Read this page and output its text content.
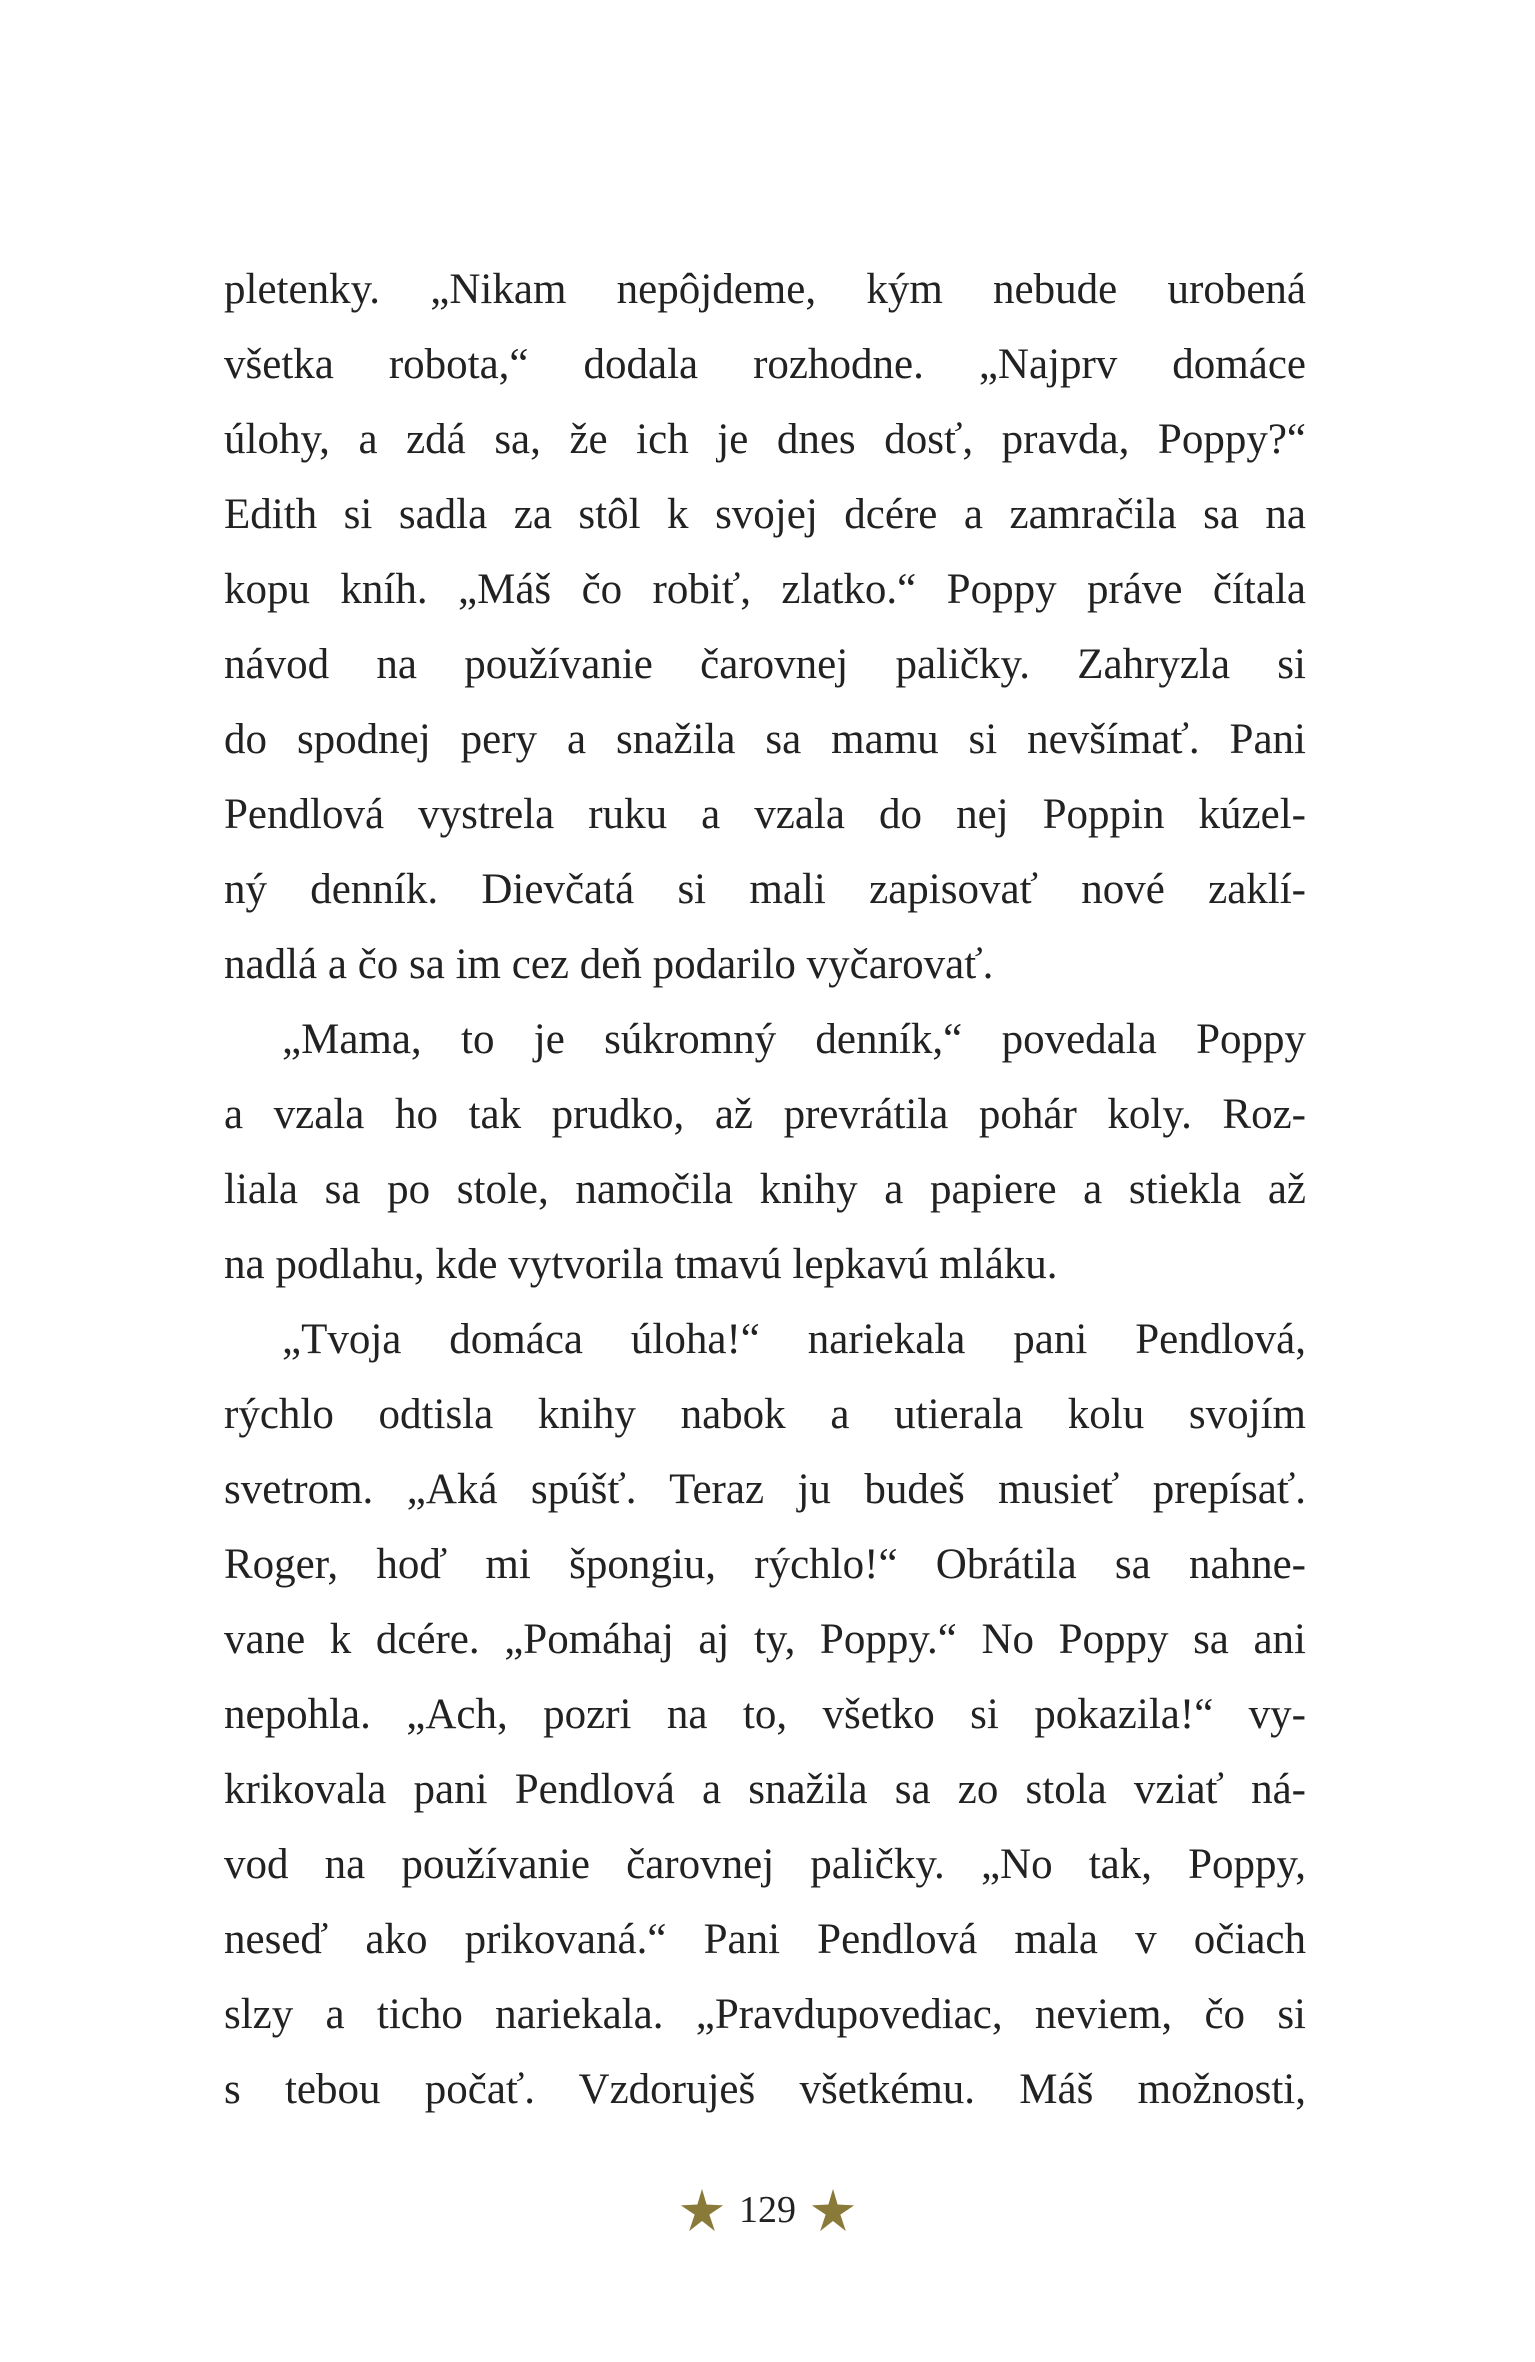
pletenky. „Nikam nepôjdeme, kým nebude urobená
všetka robota,“ dodala rozhodne. „Najprv domáce
úlohy, a zdá sa, že ich je dnes dosť, pravda, Poppy?“
Edith si sadla za stôl k svojej dcére a zamračila sa na
kopu kníh. „Máš čo robiť, zlatko.“ Poppy práve čítala
návod na používanie čarovnej paličky. Zahryzla si
do spodnej pery a snažila sa mamu si nevšímať. Pani
Pendlová vystrela ruku a vzala do nej Poppin kúzel-
ný denník. Dievčatá si mali zapisovať nové zaklí-
nadlá a čo sa im cez deň podarilo vyčarovať.
„Mama, to je súkromný denník,“ povedala Poppy
a vzala ho tak prudko, až prevrátila pohár koly. Roz-
liala sa po stole, namočila knihy a papiere a stiekla až
na podlahu, kde vytvorila tmavú lepkavú mláku.
„Tvoja domáca úloha!“ nariekala pani Pendlová,
rýchlo odtisla knihy nabok a utierala kolu svojím
svetrom. „Aká spúšť. Teraz ju budeš musieť prepísať.
Roger, hoď mi špongiu, rýchlo!“ Obrátila sa nahne-
vane k dcére. „Pomáhaj aj ty, Poppy.“ No Poppy sa ani
nepohla. „Ach, pozri na to, všetko si pokazila!“ vy-
krikovala pani Pendlová a snažila sa zo stola vziať ná-
vod na používanie čarovnej paličky. „No tak, Poppy,
neseď ako prikovaná.“ Pani Pendlová mala v očiach
slzy a ticho nariekala. „Pravdupovediac, neviem, čo si
s tebou počať. Vzdoruješ všetkému. Máš možnosti,
129
